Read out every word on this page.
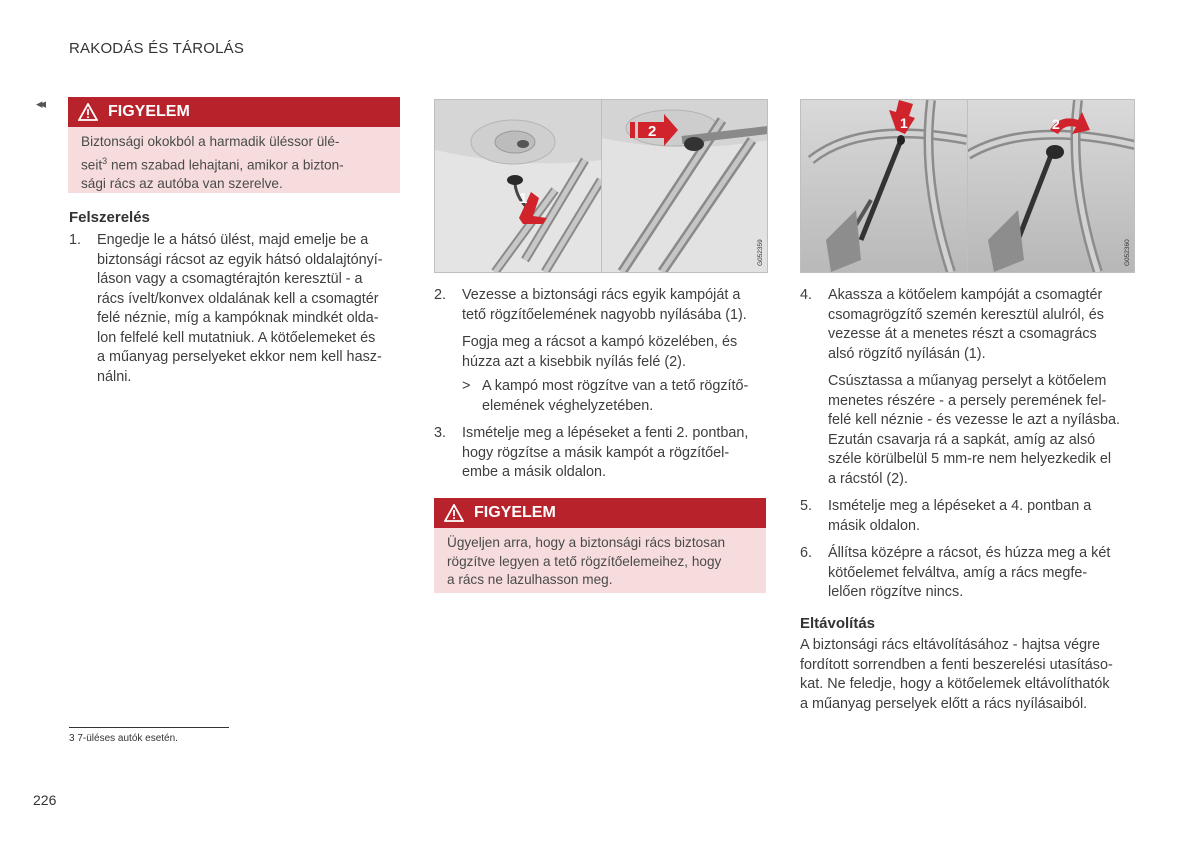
RAKODÁS ÉS TÁROLÁS
◂◂	FIGYELEM
Biztonsági okokból a harmadik üléssor ülé-
seit$^3$ nem szabad lehajtani, amikor a bizton-
sági rács az autóba van szerelve.
Felszerelés
1. Engedje le a hátsó ülést, majd emelje be a
biztonsági rácsot az egyik hátsó oldalajtónyí-
láson vagy a csomagtérajtón keresztül - a
rács ívelt/konvex oldalának kell a csomagtér
felé néznie, míg a kampóknak mindkét olda-
lon felfelé kell mutatniuk. A kötőelemeket és
a műanyag perselyeket ekkor nem kell hasz-
nálni.
1
2
G052359
2. Vezesse a biztonsági rács egyik kampóját a
tető rögzítőelemének nagyobb nyílásába (1).
Fogja meg a rácsot a kampó közelében, és
húzza azt a kisebbik nyílás felé (2).
> A kampó most rögzítve van a tető rögzítő-
elemének véghelyzetében.
3. Ismételje meg a lépéseket a fenti 2. pontban,
hogy rögzítse a másik kampót a rögzítőel-
embe a másik oldalon.
FIGYELEM
Ügyeljen arra, hogy a biztonsági rács biztosan
rögzítve legyen a tető rögzítőelemeihez, hogy
a rács ne lazulhasson meg.
1	2
G052360
4. Akassza a kötőelem kampóját a csomagtér
csomagrögzítő szemén keresztül alulról, és
vezesse át a menetes részt a csomagrács
alsó rögzítő nyílásán (1).
Csúsztassa a műanyag perselyt a kötőelem
menetes részére - a persely peremének fel-
felé kell néznie - és vezesse le azt a nyílásba.
Ezután csavarja rá a sapkát, amíg az alsó
széle körülbelül 5 mm-re nem helyezkedik el
a rácstól (2).
5. Ismételje meg a lépéseket a 4. pontban a
másik oldalon.
6. Állítsa középre a rácsot, és húzza meg a két
kötőelemet felváltva, amíg a rács megfe-
lelően rögzítve nincs.
Eltávolítás
A biztonsági rács eltávolításához - hajtsa végre
fordított sorrendben a fenti beszerelési utasításo-
kat. Ne feledje, hogy a kötőelemek eltávolíthatók
a műanyag perselyek előtt a rács nyílásaiból.
3 7-üléses autók esetén.
226
